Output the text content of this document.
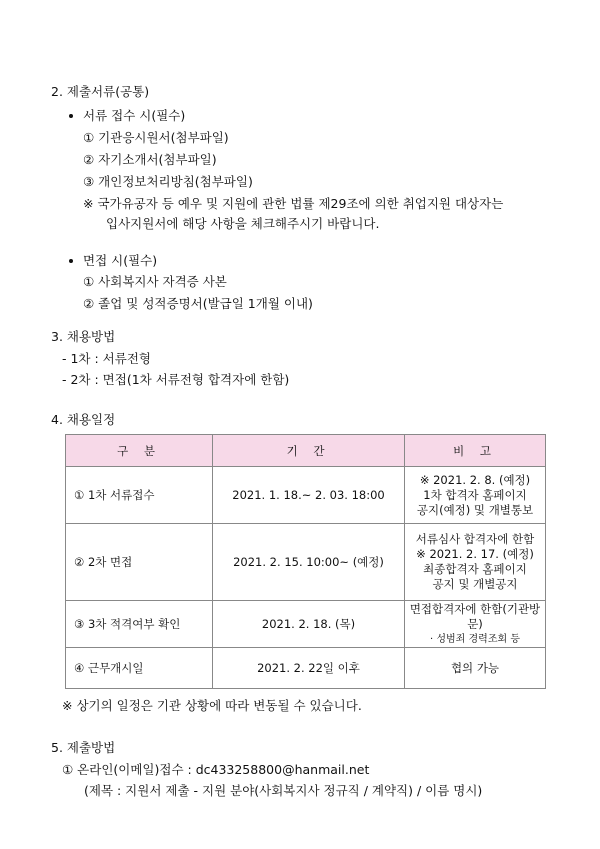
2. 제출서류(공통)
서류 접수 시(필수)
① 기관응시원서(첨부파일)
② 자기소개서(첨부파일)
③ 개인정보처리방침(첨부파일)
※ 국가유공자 등 예우 및 지원에 관한 법률 제29조에 의한 취업지원 대상자는
입사지원서에 해당 사항을 체크해주시기 바랍니다.
면접 시(필수)
① 사회복지사 자격증 사본
② 졸업 및 성적증명서(발급일 1개월 이내)
3. 채용방법
- 1차 : 서류전형
- 2차 : 면접(1차 서류전형 합격자에 한함)
4. 채용일정
구 분	기 간	비 고
① 1차 서류접수	2021. 1. 18.~ 2. 03. 18:00	※ 2021. 2. 8. (예정)
1차 합격자 홈페이지
공지(예정) 및 개별통보

② 2차 면접	2021. 2. 15. 10:00~ (예정)	서류심사 합격자에 한함
※ 2021. 2. 17. (예정)
최종합격자 홈페이지
공지 및 개별공지

③ 3차 적격여부 확인	2021. 2. 18. (목)	면접합격자에 한함(기관방문)
· 성범죄 경력조회 등

④ 근무개시일	2021. 2. 22일 이후	협의 가능
※ 상기의 일정은 기관 상황에 따라 변동될 수 있습니다.
5. 제출방법
① 온라인(이메일)접수 : dc433258800@hanmail.net
(제목 : 지원서 제출 - 지원 분야(사회복지사 정규직 / 계약직) / 이름 명시)
